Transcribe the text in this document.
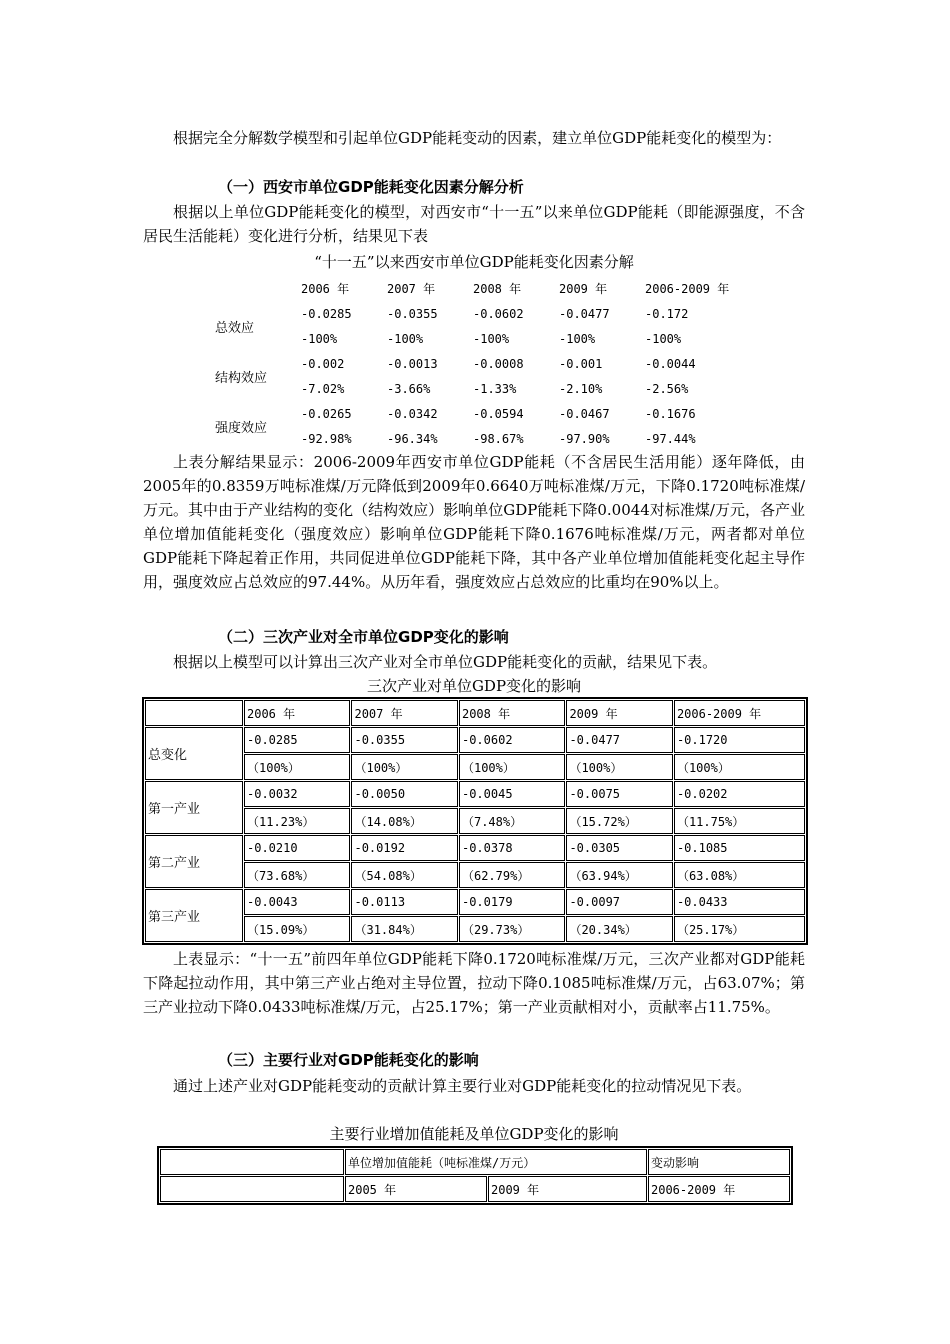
根据完全分解数学模型和引起单位GDP能耗变动的因素，建立单位GDP能耗变化的模型为：

（一）西安市单位GDP能耗变化因素分解分析

根据以上单位GDP能耗变化的模型，对西安市“十一五”以来单位GDP能耗（即能源强度，不含居民生活能耗）变化进行分析，结果见下表

“十一五”以来西安市单位GDP能耗变化因素分解
	2006 年	2007 年	2008 年	2009 年	2006-2009 年
总效应	-0.0285	-0.0355	-0.0602	-0.0477	-0.172
	-100%	-100%	-100%	-100%	-100%
结构效应	-0.002	-0.0013	-0.0008	-0.001	-0.0044
	-7.02%	-3.66%	-1.33%	-2.10%	-2.56%
强度效应	-0.0265	-0.0342	-0.0594	-0.0467	-0.1676
	-92.98%	-96.34%	-98.67%	-97.90%	-97.44%

上表分解结果显示：2006-2009年西安市单位GDP能耗（不含居民生活用能）逐年降低，由2005年的0.8359万吨标准煤/万元降低到2009年0.6640万吨标准煤/万元，下降0.1720吨标准煤/万元。其中由于产业结构的变化（结构效应）影响单位GDP能耗下降0.0044对标准煤/万元，各产业单位增加值能耗变化（强度效应）影响单位GDP能耗下降0.1676吨标准煤/万元，两者都对单位GDP能耗下降起着正作用，共同促进单位GDP能耗下降，其中各产业单位增加值能耗变化起主导作用，强度效应占总效应的97.44%。从历年看，强度效应占总效应的比重均在90%以上。

（二）三次产业对全市单位GDP变化的影响

根据以上模型可以计算出三次产业对全市单位GDP能耗变化的贡献，结果见下表。

三次产业对单位GDP变化的影响
	2006 年	2007 年	2008 年	2009 年	2006-2009 年
总变化	-0.0285	-0.0355	-0.0602	-0.0477	-0.1720
	（100%）	（100%）	（100%）	（100%）	（100%）
第一产业	-0.0032	-0.0050	-0.0045	-0.0075	-0.0202
	（11.23%）	（14.08%）	（7.48%）	（15.72%）	（11.75%）
第二产业	-0.0210	-0.0192	-0.0378	-0.0305	-0.1085
	（73.68%）	（54.08%）	（62.79%）	（63.94%）	（63.08%）
第三产业	-0.0043	-0.0113	-0.0179	-0.0097	-0.0433
	（15.09%）	（31.84%）	（29.73%）	（20.34%）	（25.17%）

上表显示：“十一五”前四年单位GDP能耗下降0.1720吨标准煤/万元，三次产业都对GDP能耗下降起拉动作用，其中第三产业占绝对主导位置，拉动下降0.1085吨标准煤/万元，占63.07%；第三产业拉动下降0.0433吨标准煤/万元，占25.17%；第一产业贡献相对小，贡献率占11.75%。

（三）主要行业对GDP能耗变化的影响

通过上述产业对GDP能耗变动的贡献计算主要行业对GDP能耗变化的拉动情况见下表。

主要行业增加值能耗及单位GDP变化的影响
	单位增加值能耗（吨标准煤/万元）		变动影响
	2005 年	2009 年	2006-2009 年
